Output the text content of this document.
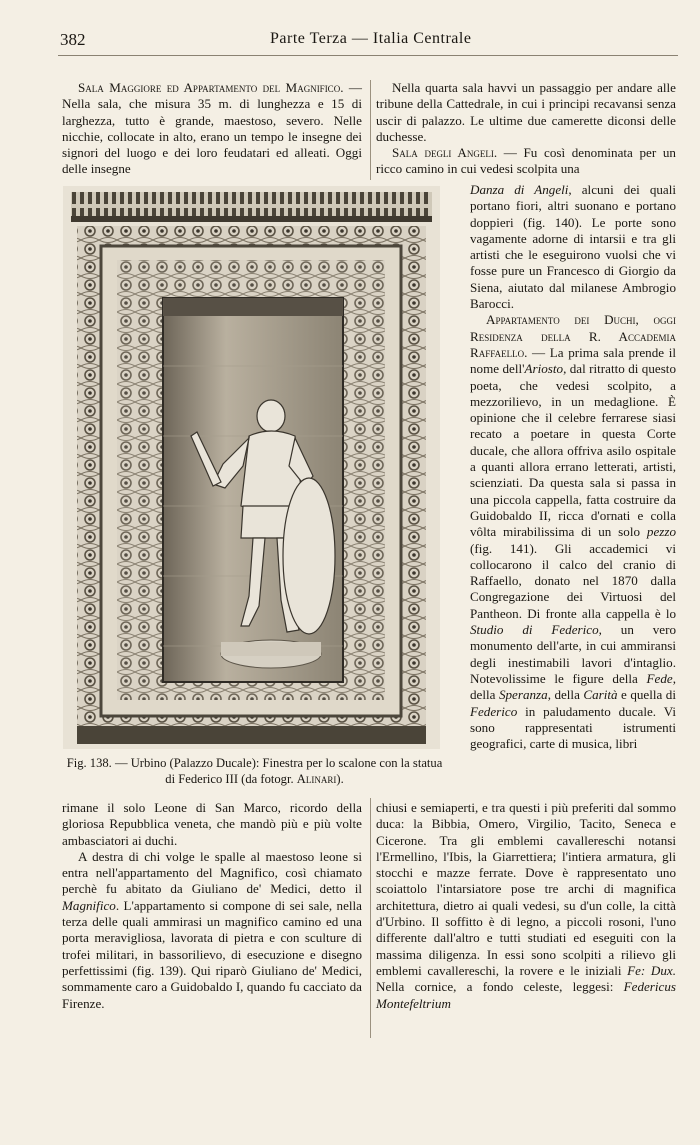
382	Parte Terza — Italia Centrale

Sala Maggiore ed Appartamento del Magnifico. — Nella sala, che misura 35 m. di lunghezza e 15 di larghezza, tutto è grande, maestoso, severo. Nelle nicchie, collocate in alto, erano un tempo le insegne dei signori del luogo e dei loro feudatari ed alleati. Oggi delle insegne

Nella quarta sala havvi un passaggio per andare alle tribune della Cattedrale, in cui i principi recavansi senza uscir di palazzo. Le ultime due camerette diconsi delle duchesse.

Sala degli Angeli. — Fu così denominata per un ricco camino in cui vedesi scolpita una

Fig. 138. — Urbino (Palazzo Ducale): Finestra per lo scalone con la statua di Federico III (da fotogr. Alinari).

Danza di Angeli, alcuni dei quali portano fiori, altri suonano e portano doppieri (fig. 140). Le porte sono vagamente adorne di intarsii e tra gli artisti che le eseguirono vuolsi che vi fosse pure un Francesco di Giorgio da Siena, aiutato dal milanese Ambrogio Barocci.

Appartamento dei Duchi, oggi Residenza della R. Accademia Raffaello. — La prima sala prende il nome dell'Ariosto, dal ritratto di questo poeta, che vedesi scolpito, a mezzorilievo, in un medaglione. È opinione che il celebre ferrarese siasi recato a poetare in questa Corte ducale, che allora offriva asilo ospitale a quanti allora errano letterati, artisti, scienziati. Da questa sala si passa in una piccola cappella, fatta costruire da Guidobaldo II, ricca d'ornati e colla vôlta mirabilissima di un solo pezzo (fig. 141). Gli accademici vi collocarono il calco del cranio di Raffaello, donato nel 1870 dalla Congregazione dei Virtuosi del Pantheon. Di fronte alla cappella è lo Studio di Federico, un vero monumento dell'arte, in cui ammiransi degli inestimabili lavori d'intaglio. Notevolissime le figure della Fede, della Speranza, della Carità e quella di Federico in paludamento ducale. Vi sono rappresentati istrumenti geografici, carte di musica, libri

rimane il solo Leone di San Marco, ricordo della gloriosa Repubblica veneta, che mandò più e più volte ambasciatori ai duchi.

A destra di chi volge le spalle al maestoso leone si entra nell'appartamento del Magnifico, così chiamato perchè fu abitato da Giuliano de' Medici, detto il Magnifico. L'appartamento si compone di sei sale, nella terza delle quali ammirasi un magnifico camino ed una porta meravigliosa, lavorata di pietra e con sculture di trofei militari, in bassorilievo, di esecuzione e disegno perfettissimi (fig. 139). Qui riparò Giuliano de' Medici, sommamente caro a Guidobaldo I, quando fu cacciato da Firenze.

chiusi e semiaperti, e tra questi i più preferiti dal sommo duca: la Bibbia, Omero, Virgilio, Tacito, Seneca e Cicerone. Tra gli emblemi cavallereschi notansi l'Ermellino, l'Ibis, la Giarrettiera; l'intiera armatura, gli stocchi e mazze ferrate. Dove è rappresentato uno scoiattolo l'intarsiatore pose tre archi di magnifica architettura, dietro ai quali vedesi, su d'un colle, la città d'Urbino. Il soffitto è di legno, a piccoli rosoni, l'uno differente dall'altro e tutti studiati ed eseguiti con la massima diligenza. In essi sono scolpiti a rilievo gli emblemi cavallereschi, la rovere e le iniziali Fe: Dux. Nella cornice, a fondo celeste, leggesi: Federicus Montefeltrium
